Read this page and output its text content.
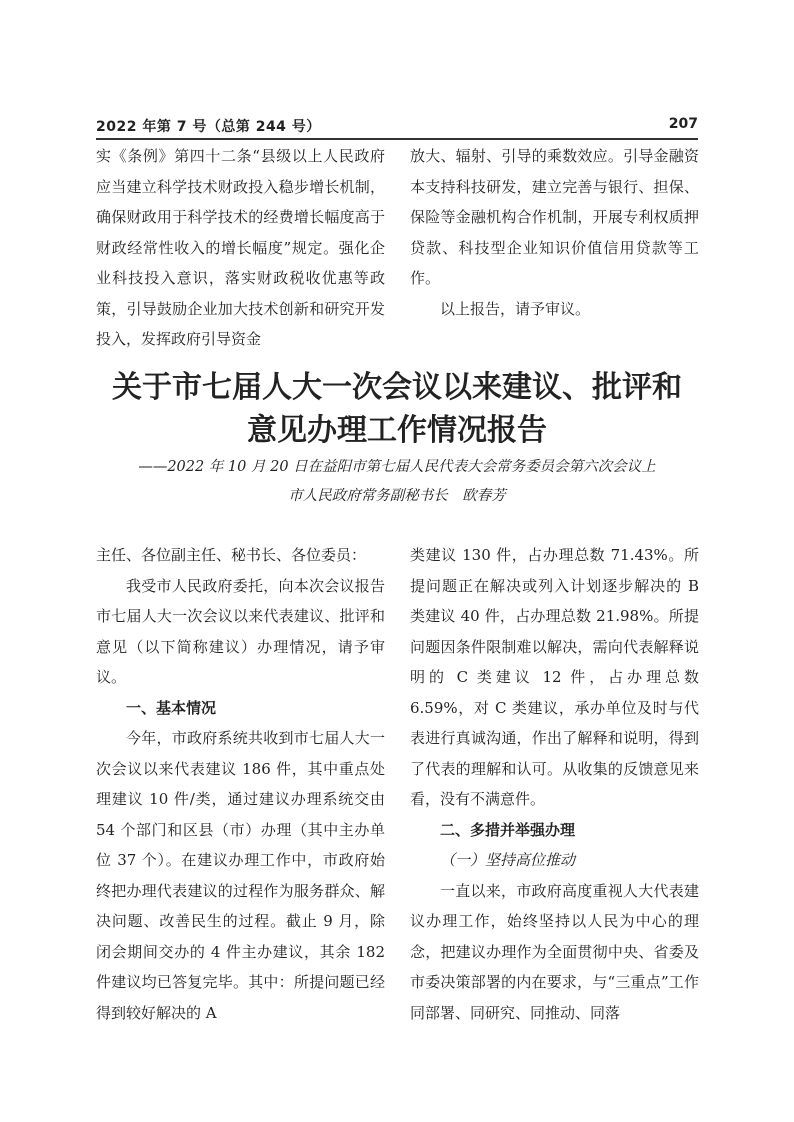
2022 年第 7 号（总第 244 号）	207

实《条例》第四十二条“县级以上人民政府应当建立科学技术财政投入稳步增长机制，确保财政用于科学技术的经费增长幅度高于财政经常性收入的增长幅度”规定。强化企业科技投入意识，落实财政税收优惠等政策，引导鼓励企业加大技术创新和研究开发投入，发挥政府引导资金

放大、辐射、引导的乘数效应。引导金融资本支持科技研发，建立完善与银行、担保、保险等金融机构合作机制，开展专利权质押贷款、科技型企业知识价值信用贷款等工作。

以上报告，请予审议。

关于市七届人大一次会议以来建议、批评和
意见办理工作情况报告
——2022 年 10 月 20 日在益阳市第七届人民代表大会常务委员会第六次会议上
市人民政府常务副秘书长　欧春芳

主任、各位副主任、秘书长、各位委员：

我受市人民政府委托，向本次会议报告市七届人大一次会议以来代表建议、批评和意见（以下简称建议）办理情况，请予审议。

一、基本情况

今年，市政府系统共收到市七届人大一次会议以来代表建议 186 件，其中重点处理建议 10 件/类，通过建议办理系统交由 54 个部门和区县（市）办理（其中主办单位 37 个）。在建议办理工作中，市政府始终把办理代表建议的过程作为服务群众、解决问题、改善民生的过程。截止 9 月，除闭会期间交办的 4 件主办建议，其余 182 件建议均已答复完毕。其中：所提问题已经得到较好解决的 A

类建议 130 件，占办理总数 71.43%。所提问题正在解决或列入计划逐步解决的 B 类建议 40 件，占办理总数 21.98%。所提问题因条件限制难以解决，需向代表解释说明的 C 类建议 12 件，占办理总数 6.59%，对 C 类建议，承办单位及时与代表进行真诚沟通，作出了解释和说明，得到了代表的理解和认可。从收集的反馈意见来看，没有不满意件。

二、多措并举强办理

（一）坚持高位推动

一直以来，市政府高度重视人大代表建议办理工作，始终坚持以人民为中心的理念，把建议办理作为全面贯彻中央、省委及市委决策部署的内在要求，与“三重点”工作同部署、同研究、同推动、同落
